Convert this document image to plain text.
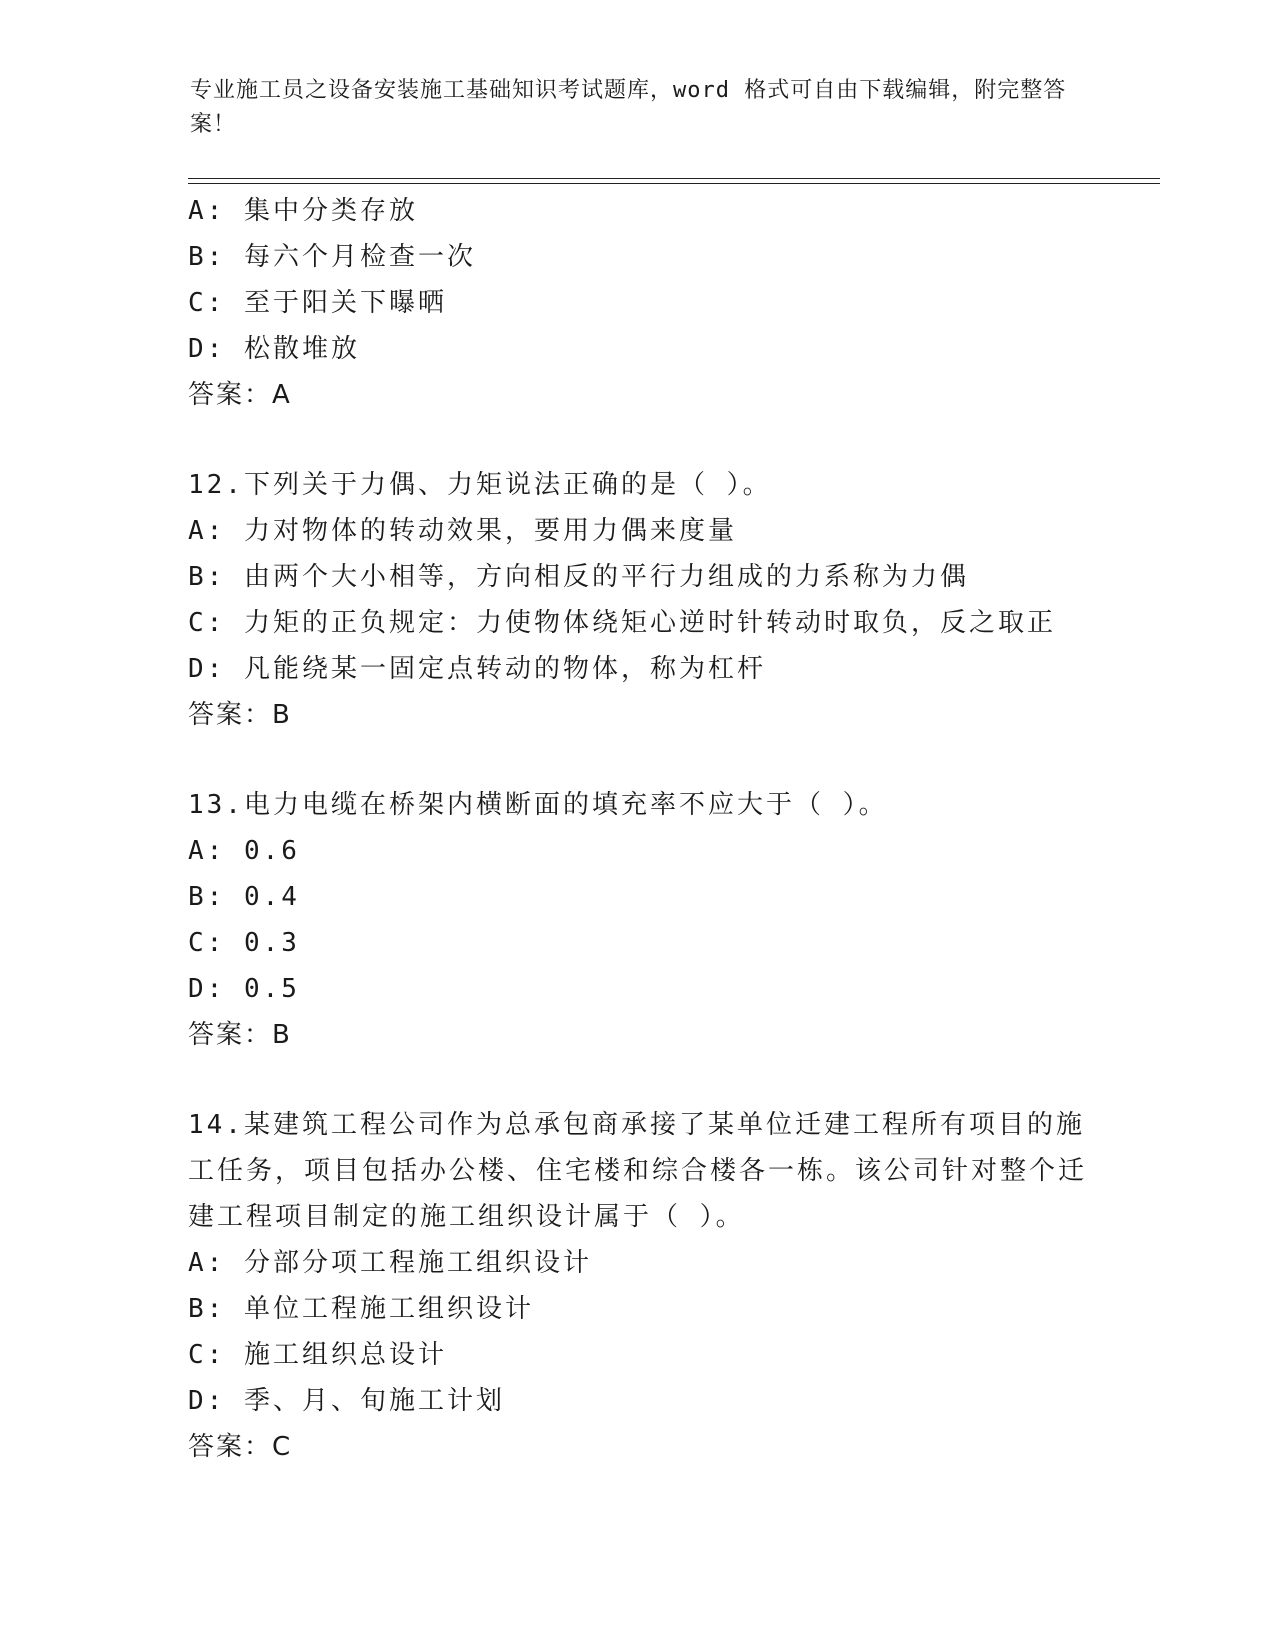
专业施工员之设备安装施工基础知识考试题库，word 格式可自由下载编辑，附完整答案！
A: 集中分类存放
B: 每六个月检查一次
C: 至于阳关下曝晒
D: 松散堆放
答案：A
12.下列关于力偶、力矩说法正确的是（ ）。
A: 力对物体的转动效果，要用力偶来度量
B: 由两个大小相等，方向相反的平行力组成的力系称为力偶
C: 力矩的正负规定：力使物体绕矩心逆时针转动时取负，反之取正
D: 凡能绕某一固定点转动的物体，称为杠杆
答案：B
13.电力电缆在桥架内横断面的填充率不应大于（ ）。
A: 0.6
B: 0.4
C: 0.3
D: 0.5
答案：B
14.某建筑工程公司作为总承包商承接了某单位迁建工程所有项目的施工任务，项目包括办公楼、住宅楼和综合楼各一栋。该公司针对整个迁建工程项目制定的施工组织设计属于（ ）。
A: 分部分项工程施工组织设计
B: 单位工程施工组织设计
C: 施工组织总设计
D: 季、月、旬施工计划
答案：C
